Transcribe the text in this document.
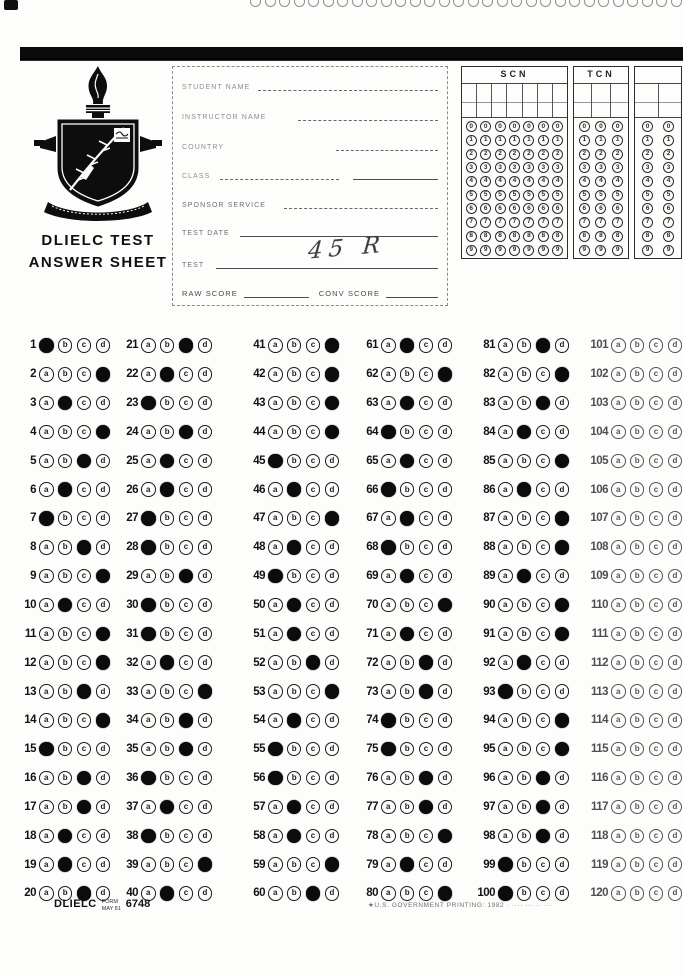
DLIELC TEST
ANSWER SHEET
STUDENT NAME
INSTRUCTOR NAME
COUNTRY
CLASS
SPONSOR SERVICE
TEST DATE
TEST
45 R
RAW SCORE	CONV SCORE
SCN
0	0	0	0	0	0	0
1	1	1	1	1	1	1
2	2	2	2	2	2	2
3	3	3	3	3	3	3
4	4	4	4	4	4	4
5	5	5	5	5	5	5
6	6	6	6	6	6	6
7	7	7	7	7	7	7
8	8	8	8	8	8	8
9	9	9	9	9	9	9
TCN
0	0	0
1	1	1
2	2	2
3	3	3
4	4	4
5	5	5
6	6	6
7	7	7
8	8	8
9	9	9
0	0
1	1
2	2
3	3
4	4
5	5
6	6
7	7
8	8
9	9
1	b c d
2 a b c
3 a	c d
4 a b c
5 a b	d
6 a	c d
7	b c d
8 a b	d
9 a b c
10 a	c d
11 a b c
12 a b c
13 a b	d
14 a b c
15	b c d
16 a b	d
17 a b	d
18 a	c d
19 a	c d
20 a b	d
21 a b	d
22 a	c d
23	b c d
24 a b	d
25 a	c d
26 a	c d
27	b c d
28	b c d
29 a b	d
30	b c d
31	b c d
32 a	c d
33 a b c
34 a b	d
35 a b	d
36	b c d
37 a	c d
38	b c d
39 a b c
40 a	c d
41 a b c
42 a b c
43 a b c
44 a b c
45	b c d
46 a	c d
47 a b c
48 a	c d
49	b c d
50 a	c d
51 a	c d
52 a b	d
53 a b c
54 a	c d
55	b c d
56	b c d
57 a	c d
58 a	c d
59 a b c
60 a b	d
61 a	c d
62 a b c
63 a	c d
64	b c d
65 a	c d
66	b c d
67 a	c d
68	b c d
69 a	c d
70 a b c
71 a	c d
72 a b	d
73 a b	d
74	b c d
75	b c d
76 a b	d
77 a b	d
78 a b c
79 a	c d
80 a b c
81 a b	d
82 a b c
83 a b	d
84 a	c d
85 a b c
86 a	c d
87 a b c
88 a b c
89 a	c d
90 a b c
91 a b c
92 a	c d
93	b c d
94 a b c
95 a b c
96 a b	d
97 a b	d
98 a b	d
99	b c d
100	b c d
101 a b c d
102 a b c d
103 a b c d
104 a b c d
105 a b c d
106 a b c d
107 a b c d
108 a b c d
109 a b c d
110 a b c d
111 a b c d
112 a b c d
113 a b c d
114 a b c d
115 a b c d
116 a b c d
117 a b c d
118 a b c d
119 a b c d
120 a b c d
DLIELC FORM
MAY 81 6748	★U.S. GOVERNMENT PRINTING: 1982 · ···· ··· ·· ···
